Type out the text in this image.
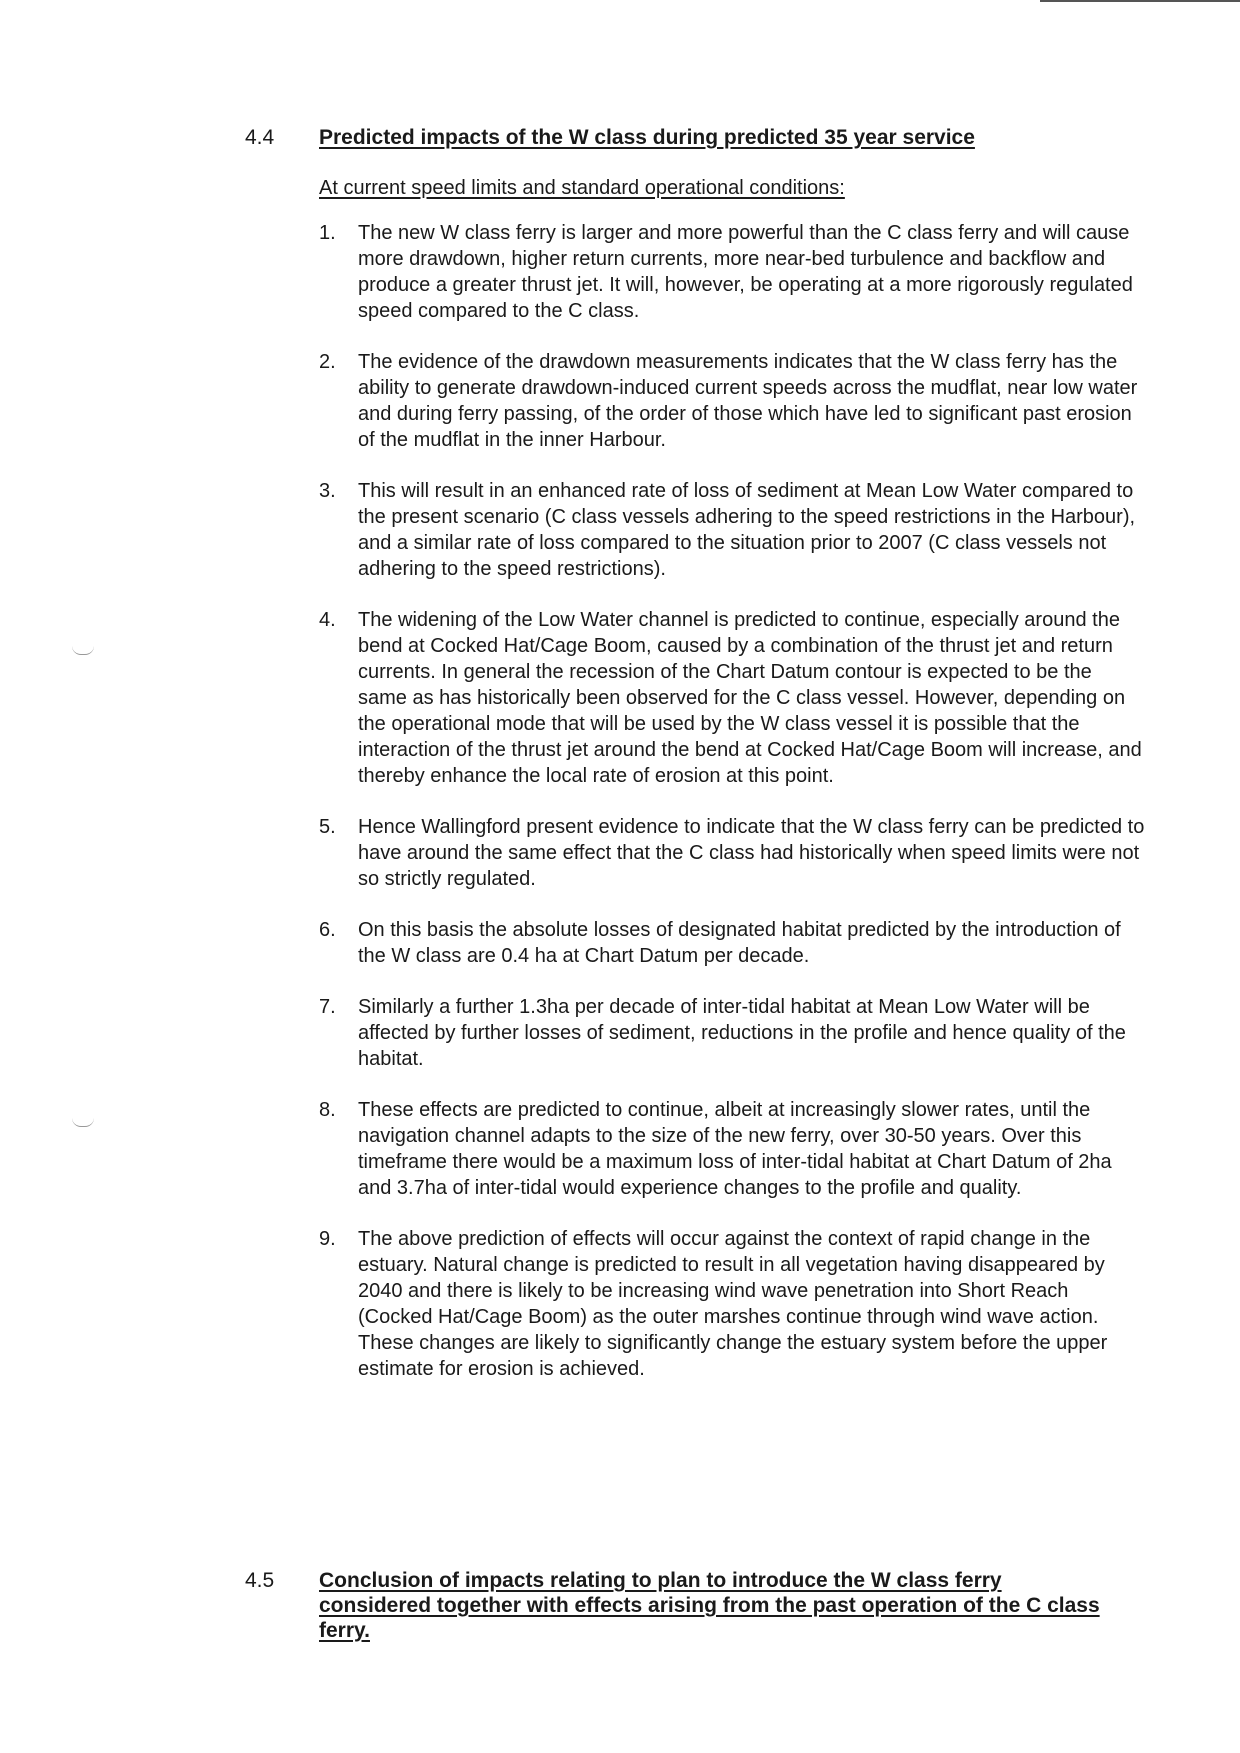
4.4	Predicted impacts of the W class during predicted 35 year service
At current speed limits and standard operational conditions:
1.	The new W class ferry is larger and more powerful than the C class ferry and will cause more drawdown, higher return currents, more near-bed turbulence and backflow and produce a greater thrust jet. It will, however, be operating at a more rigorously regulated speed compared to the C class.
2.	The evidence of the drawdown measurements indicates that the W class ferry has the ability to generate drawdown-induced current speeds across the mudflat, near low water and during ferry passing, of the order of those which have led to significant past erosion of the mudflat in the inner Harbour.
3.	This will result in an enhanced rate of loss of sediment at Mean Low Water compared to the present scenario (C class vessels adhering to the speed restrictions in the Harbour), and a similar rate of loss compared to the situation prior to 2007 (C class vessels not adhering to the speed restrictions).
4.	The widening of the Low Water channel is predicted to continue, especially around the bend at Cocked Hat/Cage Boom, caused by a combination of the thrust jet and return currents. In general the recession of the Chart Datum contour is expected to be the same as has historically been observed for the C class vessel. However, depending on the operational mode that will be used by the W class vessel it is possible that the interaction of the thrust jet around the bend at Cocked Hat/Cage Boom will increase, and thereby enhance the local rate of erosion at this point.
5.	Hence Wallingford present evidence to indicate that the W class ferry can be predicted to have around the same effect that the C class had historically when speed limits were not so strictly regulated.
6.	On this basis the absolute losses of designated habitat predicted by the introduction of the W class are 0.4 ha at Chart Datum per decade.
7.	Similarly a further 1.3ha per decade of inter-tidal habitat at Mean Low Water will be affected by further losses of sediment, reductions in the profile and hence quality of the habitat.
8.	These effects are predicted to continue, albeit at increasingly slower rates, until the navigation channel adapts to the size of the new ferry, over 30-50 years. Over this timeframe there would be a maximum loss of inter-tidal habitat at Chart Datum of 2ha and 3.7ha of inter-tidal would experience changes to the profile and quality.
9.	The above prediction of effects will occur against the context of rapid change in the estuary. Natural change is predicted to result in all vegetation having disappeared by 2040 and there is likely to be increasing wind wave penetration into Short Reach (Cocked Hat/Cage Boom) as the outer marshes continue through wind wave action. These changes are likely to significantly change the estuary system before the upper estimate for erosion is achieved.
4.5	Conclusion of impacts relating to plan to introduce the W class ferry considered together with effects arising from the past operation of the C class ferry.
